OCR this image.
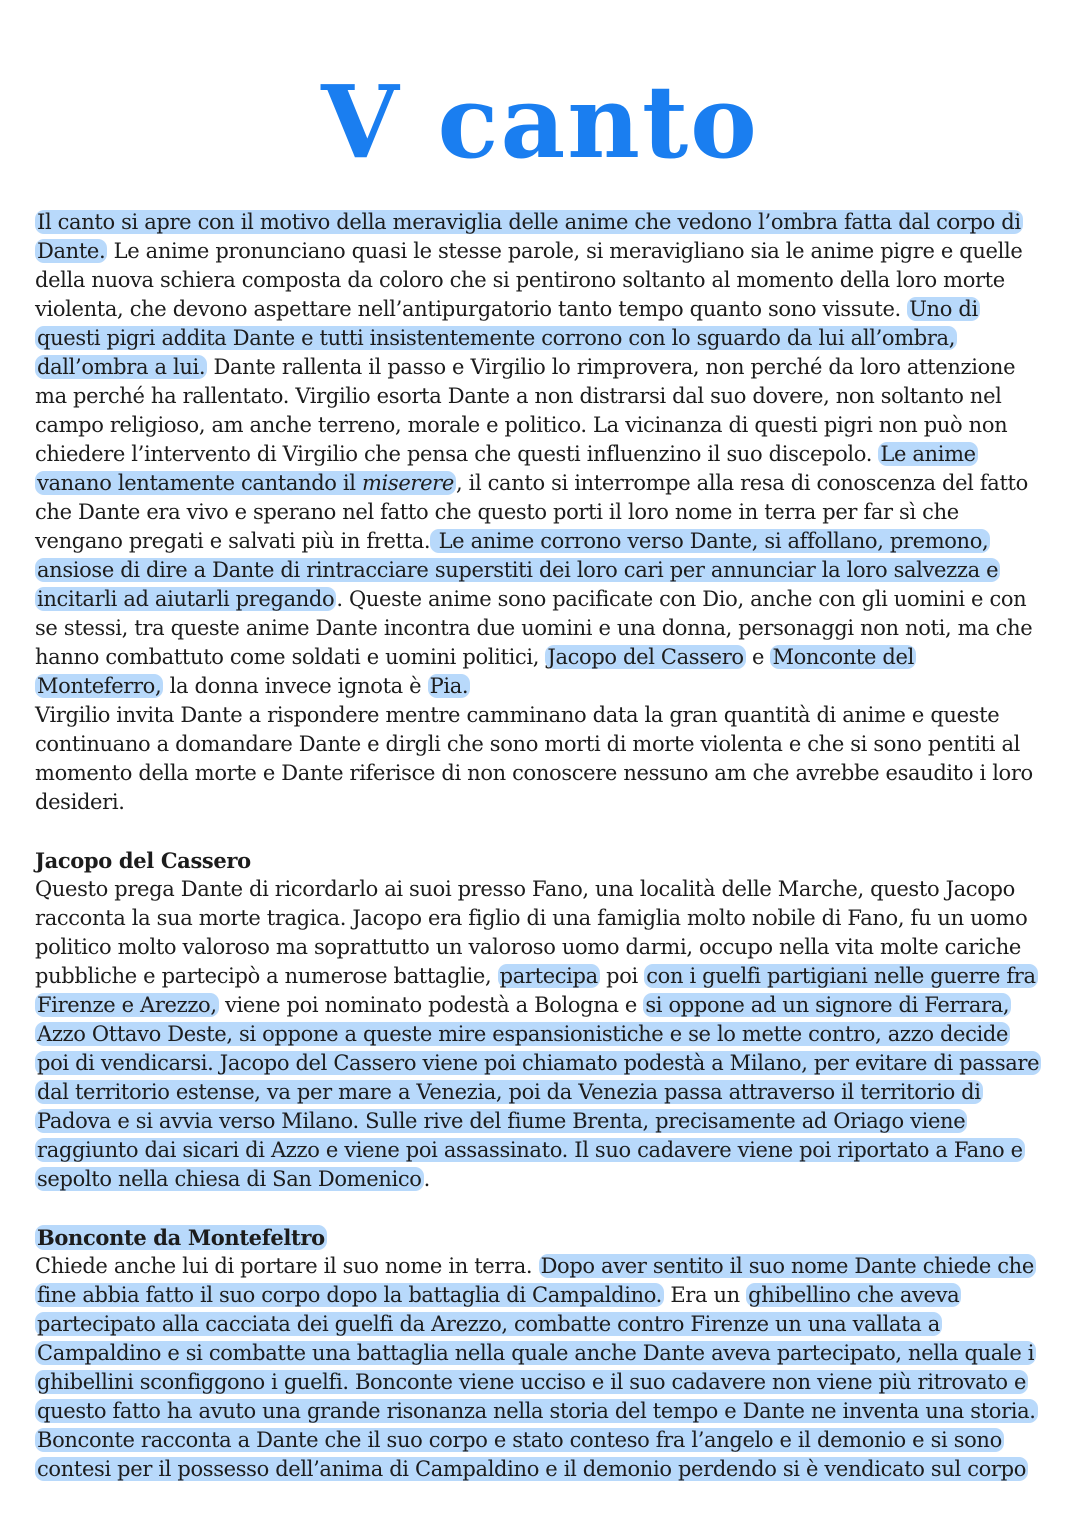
V canto

Il canto si apre con il motivo della meraviglia delle anime che vedono l’ombra fatta dal corpo di Dante. Le anime pronunciano quasi le stesse parole, si meravigliano sia le anime pigre e quelle della nuova schiera composta da coloro che si pentirono soltanto al momento della loro morte violenta, che devono aspettare nell’antipurgatorio tanto tempo quanto sono vissute. Uno di questi pigri addita Dante e tutti insistentemente corrono con lo sguardo da lui all’ombra, dall’ombra a lui. Dante rallenta il passo e Virgilio lo rimprovera, non perché da loro attenzione ma perché ha rallentato. Virgilio esorta Dante a non distrarsi dal suo dovere, non soltanto nel campo religioso, am anche terreno, morale e politico. La vicinanza di questi pigri non può non chiedere l’intervento di Virgilio che pensa che questi influenzino il suo discepolo. Le anime vanano lentamente cantando il miserere, il canto si interrompe alla resa di conoscenza del fatto che Dante era vivo e sperano nel fatto che questo porti il loro nome in terra per far sì che vengano pregati e salvati più in fretta. Le anime corrono verso Dante, si affollano, premono, ansiose di dire a Dante di rintracciare superstiti dei loro cari per annunciar la loro salvezza e incitarli ad aiutarli pregando. Queste anime sono pacificate con Dio, anche con gli uomini e con se stessi, tra queste anime Dante incontra due uomini e una donna, personaggi non noti, ma che hanno combattuto come soldati e uomini politici, Jacopo del Cassero e Monconte del Monteferro, la donna invece ignota è Pia.

Virgilio invita Dante a rispondere mentre camminano data la gran quantità di anime e queste continuano a domandare Dante e dirgli che sono morti di morte violenta e che si sono pentiti al momento della morte e Dante riferisce di non conoscere nessuno am che avrebbe esaudito i loro desideri.

Jacopo del Cassero

Questo prega Dante di ricordarlo ai suoi presso Fano, una località delle Marche, questo Jacopo racconta la sua morte tragica. Jacopo era figlio di una famiglia molto nobile di Fano, fu un uomo politico molto valoroso ma soprattutto un valoroso uomo darmi, occupo nella vita molte cariche pubbliche e partecipò a numerose battaglie, partecipa poi con i guelfi partigiani nelle guerre fra Firenze e Arezzo, viene poi nominato podestà a Bologna e si oppone ad un signore di Ferrara, Azzo Ottavo Deste, si oppone a queste mire espansionistiche e se lo mette contro, azzo decide poi di vendicarsi. Jacopo del Cassero viene poi chiamato podestà a Milano, per evitare di passare dal territorio estense, va per mare a Venezia, poi da Venezia passa attraverso il territorio di Padova e si avvia verso Milano. Sulle rive del fiume Brenta, precisamente ad Oriago viene raggiunto dai sicari di Azzo e viene poi assassinato. Il suo cadavere viene poi riportato a Fano e sepolto nella chiesa di San Domenico.

Bonconte da Montefeltro

Chiede anche lui di portare il suo nome in terra. Dopo aver sentito il suo nome Dante chiede che fine abbia fatto il suo corpo dopo la battaglia di Campaldino. Era un ghibellino che aveva partecipato alla cacciata dei guelfi da Arezzo, combatte contro Firenze un una vallata a Campaldino e si combatte una battaglia nella quale anche Dante aveva partecipato, nella quale i ghibellini sconfiggono i guelfi. Bonconte viene ucciso e il suo cadavere non viene più ritrovato e questo fatto ha avuto una grande risonanza nella storia del tempo e Dante ne inventa una storia. Bonconte racconta a Dante che il suo corpo e stato conteso fra l’angelo e il demonio e si sono contesi per il possesso dell’anima di Campaldino e il demonio perdendo si è vendicato sul corpo
